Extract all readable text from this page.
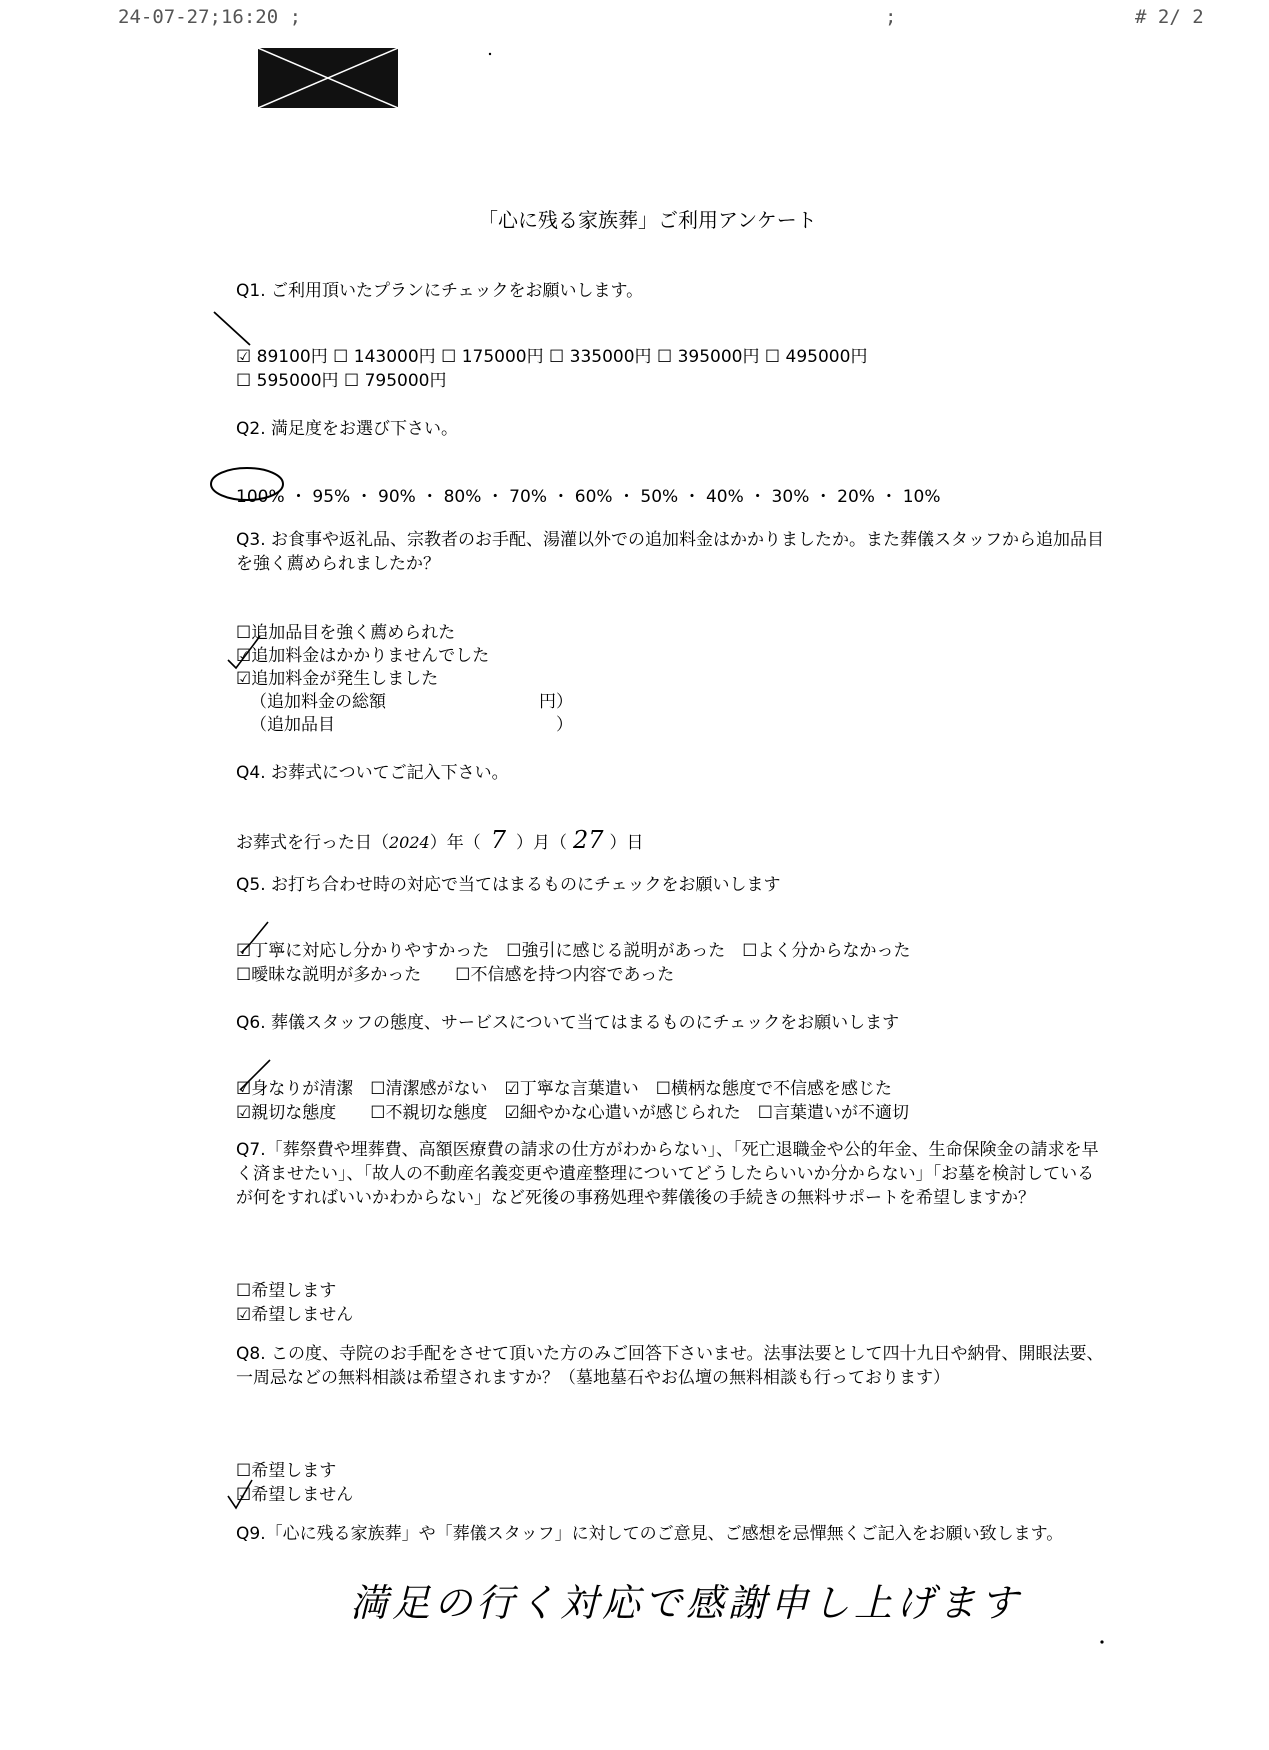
24-07-27;16:20 ;	;	# 2/ 2
「心に残る家族葬」ご利用アンケート
Q1. ご利用頂いたプランにチェックをお願いします。
☑ 89100円 ☐ 143000円 ☐ 175000円 ☐ 335000円 ☐ 395000円 ☐ 495000円
☐ 595000円 ☐ 795000円
Q2. 満足度をお選び下さい。
100% ・ 95% ・ 90% ・ 80% ・ 70% ・ 60% ・ 50% ・ 40% ・ 30% ・ 20% ・ 10%
Q3. お食事や返礼品、宗教者のお手配、湯灌以外での追加料金はかかりましたか。また葬儀スタッフから追加品目を強く薦められましたか？
☐追加品目を強く薦められた
☑追加料金はかかりませんでした
☑追加料金が発生しました
（追加料金の総額　　　　　　　　　円）
（追加品目　　　　　　　　　　　　　）
Q4. お葬式についてご記入下さい。
お葬式を行った日（2024）年（ 7 ）月（ 27 ）日
Q5. お打ち合わせ時の対応で当てはまるものにチェックをお願いします
☑丁寧に対応し分かりやすかった　☐強引に感じる説明があった　☐よく分からなかった
☐曖昧な説明が多かった　　☐不信感を持つ内容であった
Q6. 葬儀スタッフの態度、サービスについて当てはまるものにチェックをお願いします
☑身なりが清潔　☐清潔感がない　☑丁寧な言葉遣い　☐横柄な態度で不信感を感じた
☑親切な態度　　☐不親切な態度　☑細やかな心遣いが感じられた　☐言葉遣いが不適切
Q7.「葬祭費や埋葬費、高額医療費の請求の仕方がわからない」、「死亡退職金や公的年金、生命保険金の請求を早く済ませたい」、「故人の不動産名義変更や遺産整理についてどうしたらいいか分からない」「お墓を検討しているが何をすればいいかわからない」など死後の事務処理や葬儀後の手続きの無料サポートを希望しますか？
☐希望します
☑希望しません
Q8. この度、寺院のお手配をさせて頂いた方のみご回答下さいませ。法事法要として四十九日や納骨、開眼法要、一周忌などの無料相談は希望されますか？（墓地墓石やお仏壇の無料相談も行っております）
☐希望します
☑希望しません
Q9.「心に残る家族葬」や「葬儀スタッフ」に対してのご意見、ご感想を忌憚無くご記入をお願い致します。
満足の行く対応で感謝申し上げます
